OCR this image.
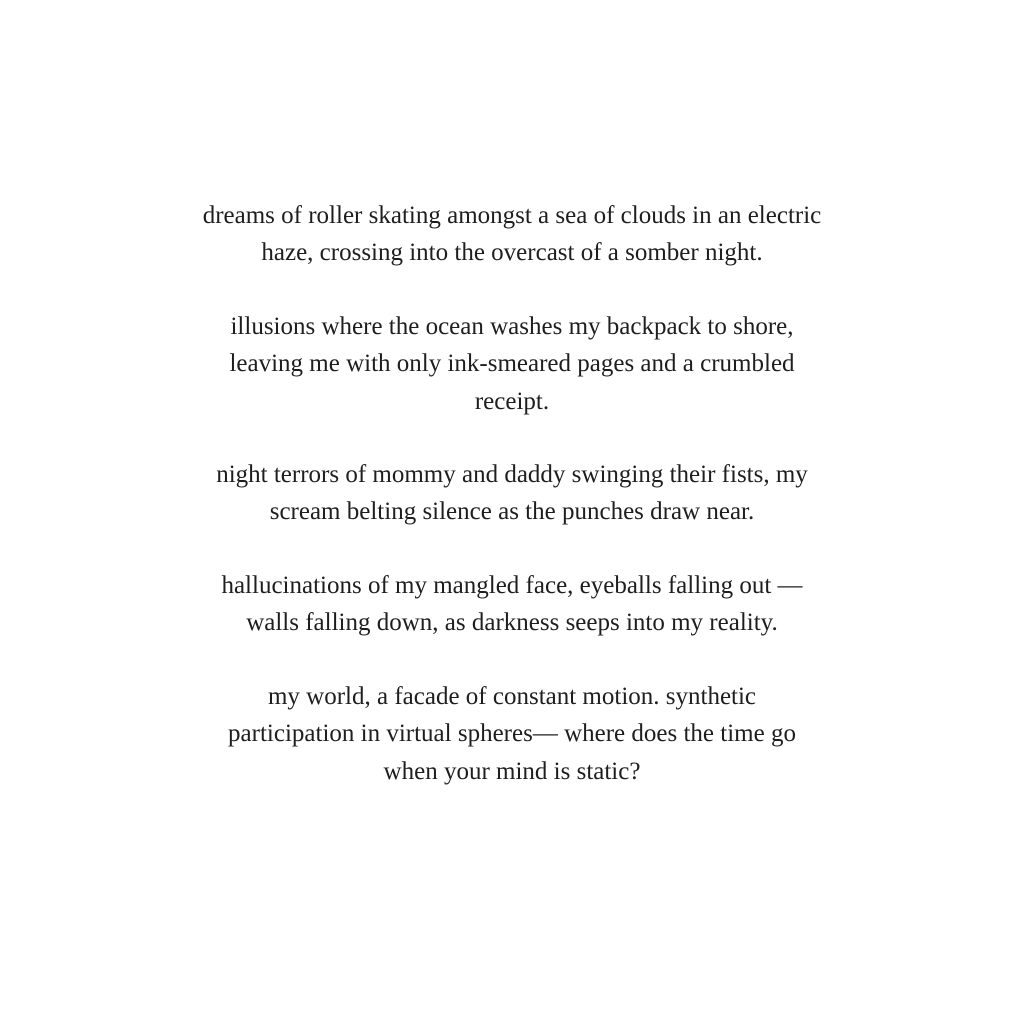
dreams of roller skating amongst a sea of clouds in an electric
haze, crossing into the overcast of a somber night.
illusions where the ocean washes my backpack to shore,
leaving me with only ink-smeared pages and a crumbled
receipt.
night terrors of mommy and daddy swinging their fists, my
scream belting silence as the punches draw near.
hallucinations of my mangled face, eyeballs falling out —
walls falling down, as darkness seeps into my reality.
my world, a facade of constant motion. synthetic
participation in virtual spheres— where does the time go
when your mind is static?
